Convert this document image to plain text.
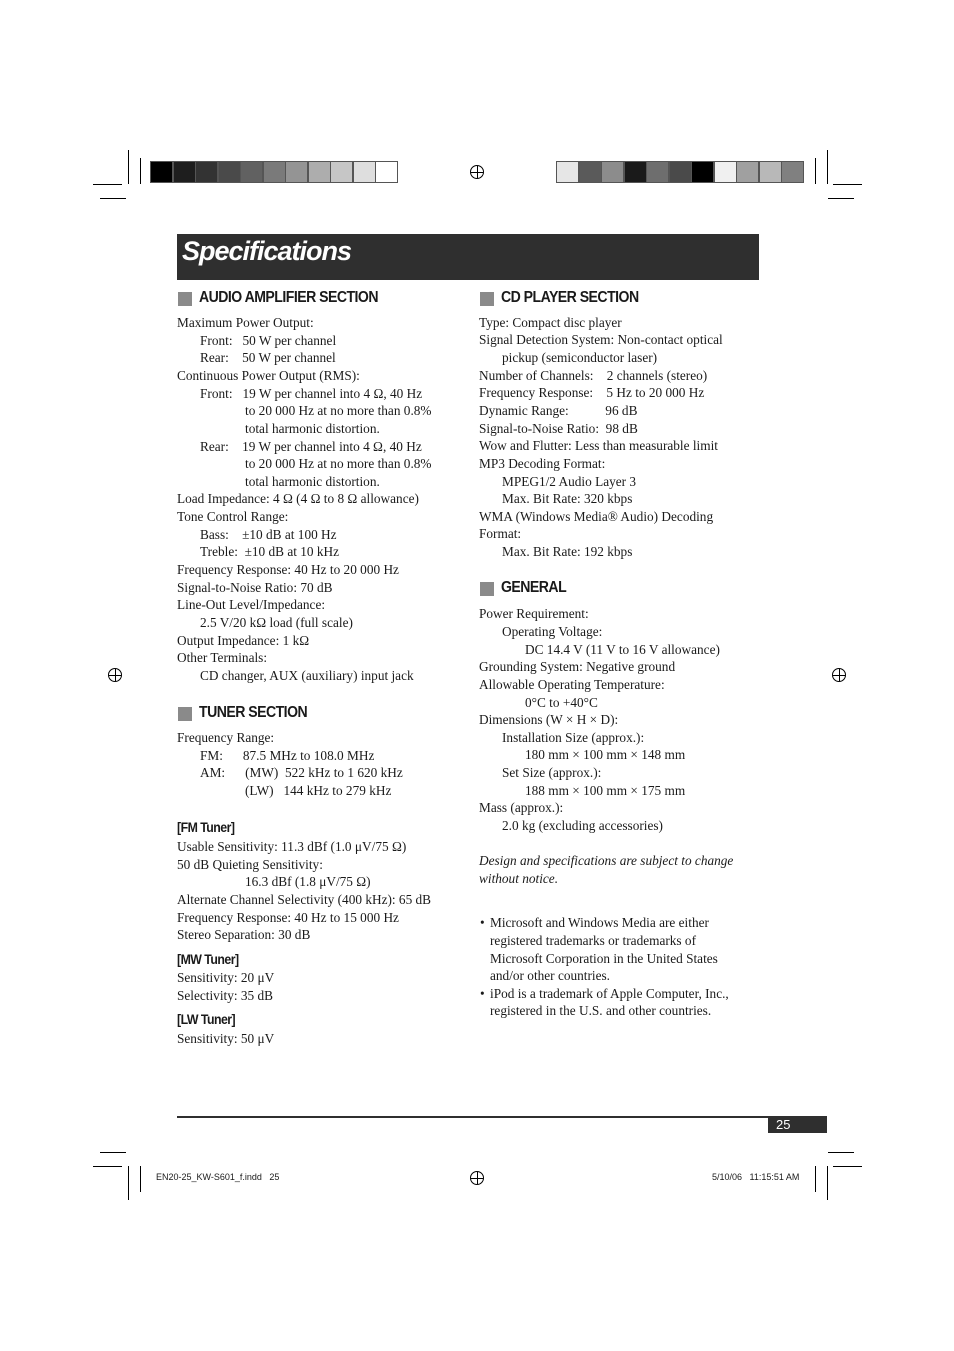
Specifications
AUDIO AMPLIFIER SECTION
Maximum Power Output:
Front:   50 W per channel
Rear:    50 W per channel
Continuous Power Output (RMS):
Front:   19 W per channel into 4 Ω, 40 Hz
to 20 000 Hz at no more than 0.8%
total harmonic distortion.
Rear:    19 W per channel into 4 Ω, 40 Hz
to 20 000 Hz at no more than 0.8%
total harmonic distortion.
Load Impedance: 4 Ω (4 Ω to 8 Ω allowance)
Tone Control Range:
Bass:    ±10 dB at 100 Hz
Treble:  ±10 dB at 10 kHz
Frequency Response: 40 Hz to 20 000 Hz
Signal-to-Noise Ratio: 70 dB
Line-Out Level/Impedance:
2.5 V/20 kΩ load (full scale)
Output Impedance: 1 kΩ
Other Terminals:
CD changer, AUX (auxiliary) input jack
TUNER SECTION
Frequency Range:
FM:      87.5 MHz to 108.0 MHz
AM:      (MW)  522 kHz to 1 620 kHz
(LW)   144 kHz to 279 kHz
[FM Tuner]
Usable Sensitivity: 11.3 dBf (1.0 μV/75 Ω)
50 dB Quieting Sensitivity:
16.3 dBf (1.8 μV/75 Ω)
Alternate Channel Selectivity (400 kHz): 65 dB
Frequency Response: 40 Hz to 15 000 Hz
Stereo Separation: 30 dB
[MW Tuner]
Sensitivity: 20 μV
Selectivity: 35 dB
[LW Tuner]
Sensitivity: 50 μV
CD PLAYER SECTION
Type: Compact disc player
Signal Detection System: Non-contact optical
pickup (semiconductor laser)
Number of Channels:    2 channels (stereo)
Frequency Response:    5 Hz to 20 000 Hz
Dynamic Range:           96 dB
Signal-to-Noise Ratio:  98 dB
Wow and Flutter: Less than measurable limit
MP3 Decoding Format:
MPEG1/2 Audio Layer 3
Max. Bit Rate: 320 kbps
WMA (Windows Media® Audio) Decoding
Format:
Max. Bit Rate: 192 kbps
GENERAL
Power Requirement:
Operating Voltage:
DC 14.4 V (11 V to 16 V allowance)
Grounding System: Negative ground
Allowable Operating Temperature:
0°C to +40°C
Dimensions (W × H × D):
Installation Size (approx.):
180 mm × 100 mm × 148 mm
Set Size (approx.):
188 mm × 100 mm × 175 mm
Mass (approx.):
2.0 kg (excluding accessories)
Design and specifications are subject to change
without notice.
• Microsoft and Windows Media are either
registered trademarks or trademarks of
Microsoft Corporation in the United States
and/or other countries.
• iPod is a trademark of Apple Computer, Inc.,
registered in the U.S. and other countries.
25
EN20-25_KW-S601_f.indd   25	5/10/06   11:15:51 AM
